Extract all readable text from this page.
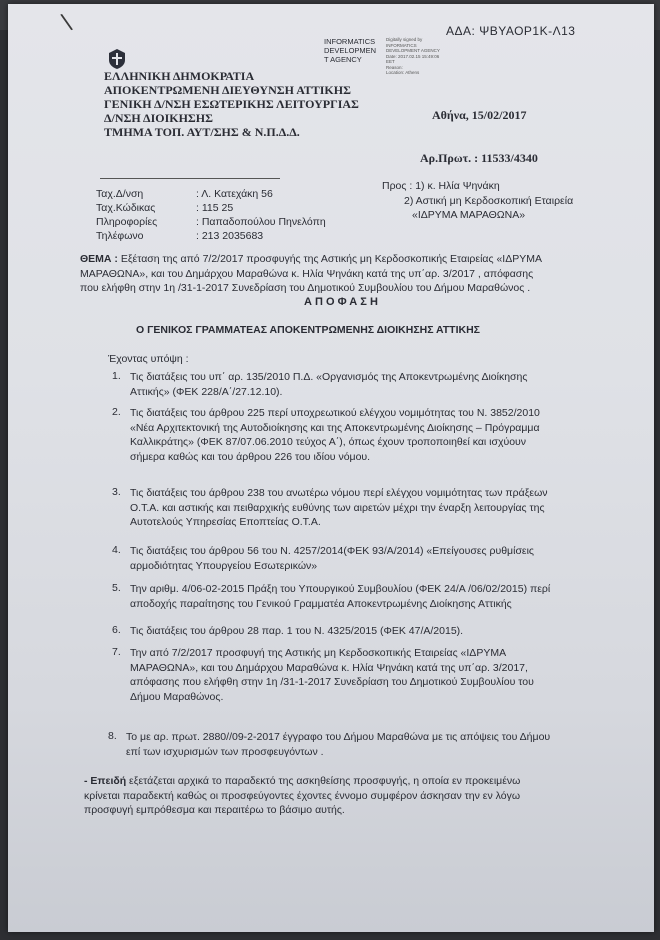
\	ΑΔΑ: ΨΒΥΑΟΡ1Κ-Λ13
INFORMATICS
DEVELOPMEN
T AGENCY
Digitally signed by
INFORMATICS
DEVELOPMENT AGENCY
Date: 2017.02.15 15:49:06
EET
Reason:
Location: Athens
ΕΛΛΗΝΙΚΗ ΔΗΜΟΚΡΑΤΙΑ
ΑΠΟΚΕΝΤΡΩΜΕΝΗ ΔΙΕΥΘΥΝΣΗ ΑΤΤΙΚΗΣ
ΓΕΝΙΚΗ Δ/ΝΣΗ ΕΣΩΤΕΡΙΚΗΣ ΛΕΙΤΟΥΡΓΙΑΣ
Δ/ΝΣΗ ΔΙΟΙΚΗΣΗΣ
ΤΜΗΜΑ ΤΟΠ. ΑΥΤ/ΣΗΣ & Ν.Π.Δ.Δ.
Αθήνα, 15/02/2017
Αρ.Πρωτ. : 11533/4340
Ταχ.Δ/νση	: Λ. Κατεχάκη 56
Ταχ.Κώδικας	: 115 25
Πληροφορίες	: Παπαδοπούλου Πηνελόπη
Τηλέφωνο	: 213 2035683
Προς : 1) κ. Ηλία Ψηνάκη
2) Αστική μη Κερδοσκοπική Εταιρεία
«ΙΔΡΥΜΑ ΜΑΡΑΘΩΝΑ»
ΘΕΜΑ : Εξέταση της από 7/2/2017 προσφυγής της Αστικής μη Κερδοσκοπικής Εταιρείας «ΙΔΡΥΜΑ
ΜΑΡΑΘΩΝΑ», και του Δημάρχου Μαραθώνα κ. Ηλία Ψηνάκη κατά της υπ΄αρ. 3/2017 , απόφασης
που ελήφθη στην 1η /31-1-2017 Συνεδρίαση του Δημοτικού Συμβουλίου του Δήμου Μαραθώνος .
Α Π Ο Φ Α Σ Η
Ο ΓΕΝΙΚΟΣ ΓΡΑΜΜΑΤΕΑΣ ΑΠΟΚΕΝΤΡΩΜΕΝΗΣ ΔΙΟΙΚΗΣΗΣ ΑΤΤΙΚΗΣ
Έχοντας υπόψη :
1. Τις διατάξεις του υπ΄ αρ. 135/2010 Π.Δ. «Οργανισμός της Αποκεντρωμένης Διοίκησης
Αττικής» (ΦΕΚ 228/Α΄/27.12.10).
2. Τις διατάξεις του άρθρου 225 περί υποχρεωτικού ελέγχου νομιμότητας του Ν. 3852/2010
«Νέα Αρχιτεκτονική της Αυτοδιοίκησης και της Αποκεντρωμένης Διοίκησης – Πρόγραμμα
Καλλικράτης» (ΦΕΚ 87/07.06.2010 τεύχος Α΄), όπως έχουν τροποποιηθεί και ισχύουν
σήμερα καθώς και του άρθρου 226 του ιδίου νόμου.
3. Τις διατάξεις του άρθρου 238 του ανωτέρω νόμου περί ελέγχου νομιμότητας των πράξεων
Ο.Τ.Α. και αστικής και πειθαρχικής ευθύνης των αιρετών μέχρι την έναρξη λειτουργίας της
Αυτοτελούς Υπηρεσίας Εποπτείας Ο.Τ.Α.
4. Τις διατάξεις του άρθρου 56 του Ν. 4257/2014(ΦΕΚ 93/Α/2014) «Επείγουσες ρυθμίσεις
αρμοδιότητας Υπουργείου Εσωτερικών»
5. Την αριθμ. 4/06-02-2015 Πράξη του Υπουργικού Συμβουλίου (ΦΕΚ 24/Α /06/02/2015) περί
αποδοχής παραίτησης του Γενικού Γραμματέα Αποκεντρωμένης Διοίκησης Αττικής
6. Τις διατάξεις του άρθρου 28 παρ. 1 του Ν. 4325/2015 (ΦΕΚ 47/Α/2015).
7. Την από 7/2/2017 προσφυγή της Αστικής μη Κερδοσκοπικής Εταιρείας «ΙΔΡΥΜΑ
ΜΑΡΑΘΩΝΑ», και του Δημάρχου Μαραθώνα κ. Ηλία Ψηνάκη κατά της υπ΄αρ. 3/2017,
απόφασης που ελήφθη στην 1η /31-1-2017 Συνεδρίαση του Δημοτικού Συμβουλίου του
Δήμου Μαραθώνος.
8. Το με αρ. πρωτ. 2880//09-2-2017 έγγραφο του Δήμου Μαραθώνα με τις απόψεις του Δήμου
επί των ισχυρισμών των προσφευγόντων .
- Επειδή εξετάζεται αρχικά το παραδεκτό της ασκηθείσης προσφυγής, η οποία εν προκειμένω
κρίνεται παραδεκτή καθώς οι προσφεύγοντες έχοντες έννομο συμφέρον άσκησαν την εν λόγω
προσφυγή εμπρόθεσμα και περαιτέρω το βάσιμο αυτής.
